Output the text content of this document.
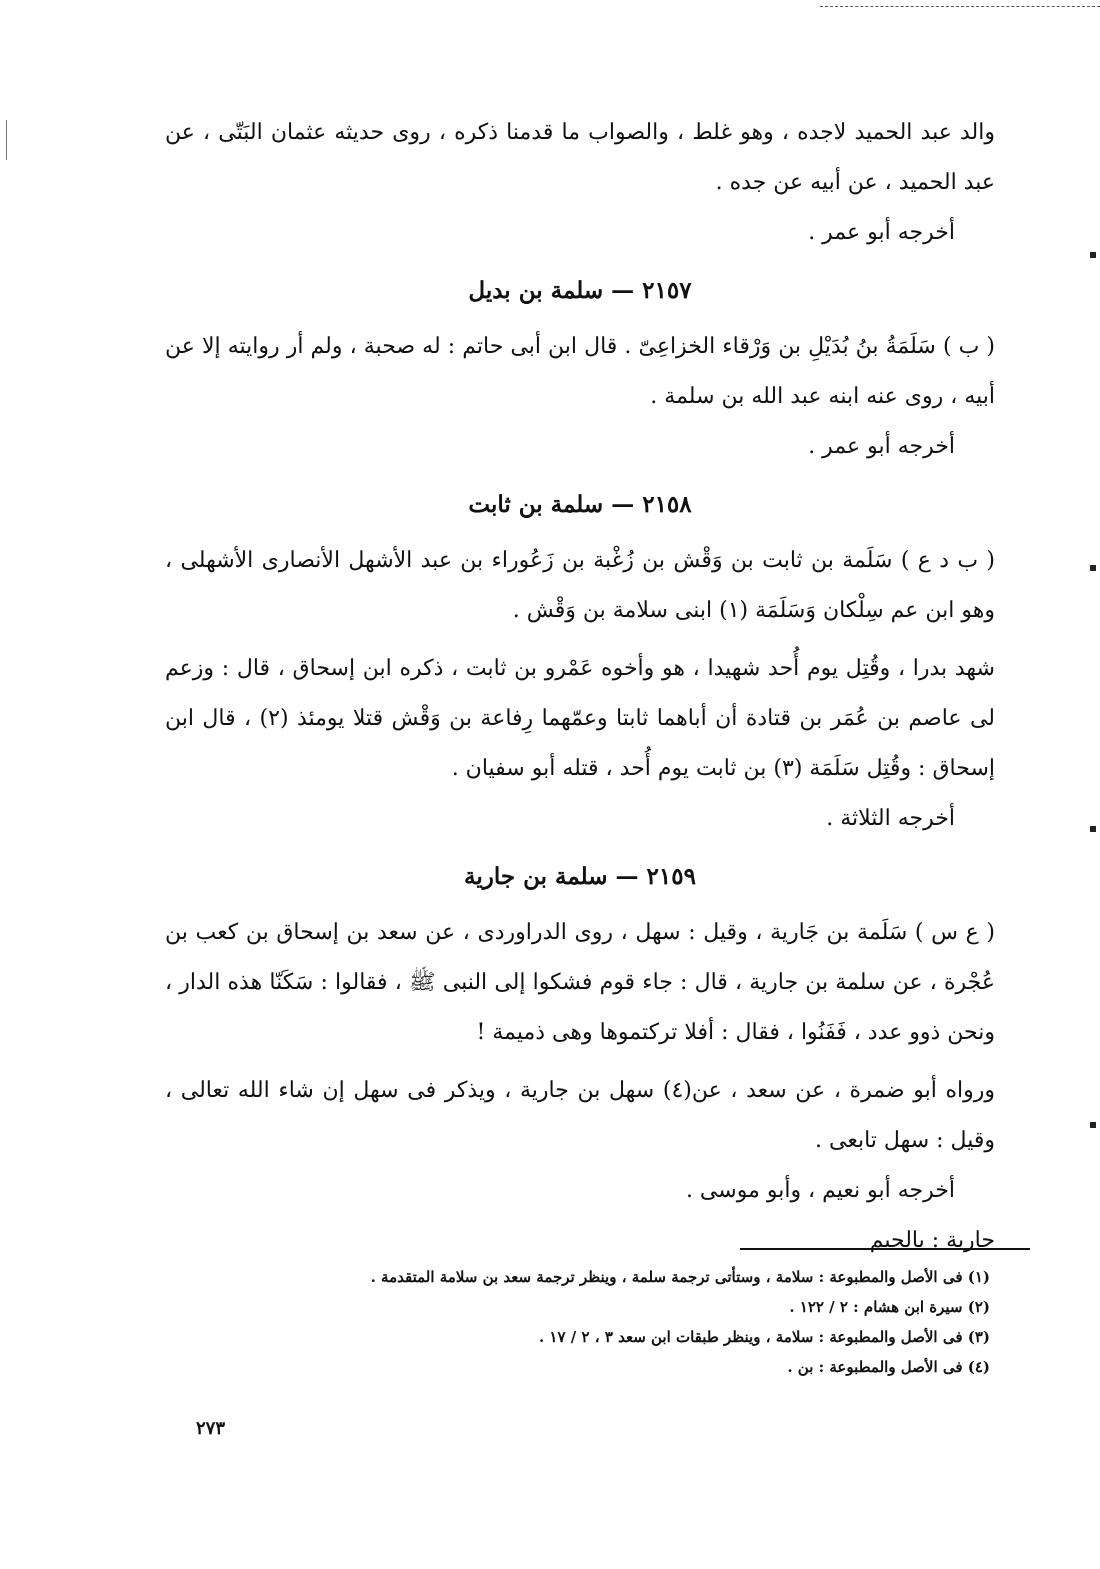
والد عبد الحميد لاجده ، وهو غلط ، والصواب ما قدمنا ذكره ، روى حديثه عثمان البَتّى ، عن عبد الحميد ، عن أبيه عن جده .

أخرجه أبو عمر .

٢١٥٧ — سلمة بن بديل

( ب ) سَلَمَةُ بنُ بُدَيْلِ بن وَرْقاء الخزاعِىّ . قال ابن أبى حاتم : له صحبة ، ولم أر روايته إلا عن أبيه ، روى عنه ابنه عبد الله بن سلمة .

أخرجه أبو عمر .

٢١٥٨ — سلمة بن ثابت

( ب د ع ) سَلَمة بن ثابت بن وَقْش بن زُغْبة بن زَعُوراء بن عبد الأشهل الأنصارى الأشهلى ، وهو ابن عم سِلْكان وَسَلَمَة (١) ابنى سلامة بن وَقْش .

شهد بدرا ، وقُتِل يوم أُحد شهيدا ، هو وأخوه عَمْرو بن ثابت ، ذكره ابن إسحاق ، قال : وزعم لى عاصم بن عُمَر بن قتادة أن أباهما ثابتا وعمّهما رِفاعة بن وَقْش قتلا يومئذ (٢) ، قال ابن إسحاق : وقُتِل سَلَمَة (٣) بن ثابت يوم أُحد ، قتله أبو سفيان .

أخرجه الثلاثة .

٢١٥٩ — سلمة بن جارية

( ع س ) سَلَمة بن جَارية ، وقيل : سهل ، روى الدراوردى ، عن سعد بن إسحاق بن كعب بن عُجْرة ، عن سلمة بن جارية ، قال : جاء قوم فشكوا إلى النبى ﷺ ، فقالوا : سَكَنّا هذه الدار ، ونحن ذوو عدد ، فَفَنُوا ، فقال : أفلا تركتموها وهى ذميمة !

ورواه أبو ضمرة ، عن سعد ، عن(٤) سهل بن جارية ، ويذكر فى سهل إن شاء الله تعالى ، وقيل : سهل تابعى .

أخرجه أبو نعيم ، وأبو موسى .

جارية : بالجيم

(١) فى الأصل والمطبوعة : سلامة ، وستأتى ترجمة سلمة ، وينظر ترجمة سعد بن سلامة المتقدمة .

(٢) سيرة ابن هشام : ٢ / ١٢٢ .

(٣) فى الأصل والمطبوعة : سلامة ، وينظر طبقات ابن سعد ٣ ، ٢ / ١٧ .

(٤) فى الأصل والمطبوعة : بن .

٢٧٣
